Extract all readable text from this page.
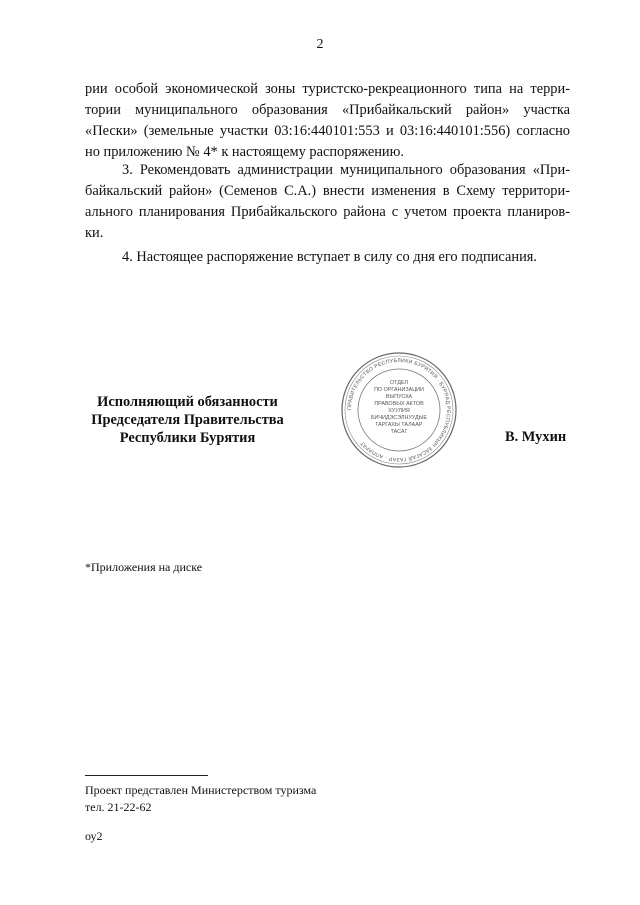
2
рии особой экономической зоны туристско-рекреационного типа на терри-
тории муниципального образования «Прибайкальский район» участка
«Пески» (земельные участки 03:16:440101:553 и 03:16:440101:556) согласно
но приложению № 4* к настоящему распоряжению.
3. Рекомендовать администрации муниципального образования «При-
байкальский район» (Семенов С.А.) внести изменения в Схему территори-
ального планирования Прибайкальского района с учетом проекта планиров-
ки.
4. Настоящее распоряжение вступает в силу со дня его подписания.
Исполняющий обязанности
Председателя Правительства
Республики Бурятия
ПРАВИТЕЛЬСТВО РЕСПУБЛИКИ БУРЯТИЯ · БУРЯАД РЕСПУБЛИКЫН ЗАСАГАЙ ГАЗАР · АППАРАТ
ОТДЕЛ
ПО ОРГАНИЗАЦИИ
ВЫПУСКА
ПРАВОВЫХ АКТОВ
ХУУЛИЯ
БИЧИДЭСЭЛНУУДЫЕ
ГАРГАХЫ ТАЛААР
ТАСАГ	В. Мухин
*Приложения на диске
Проект представлен Министерством туризма
тел. 21-22-62
оу2
